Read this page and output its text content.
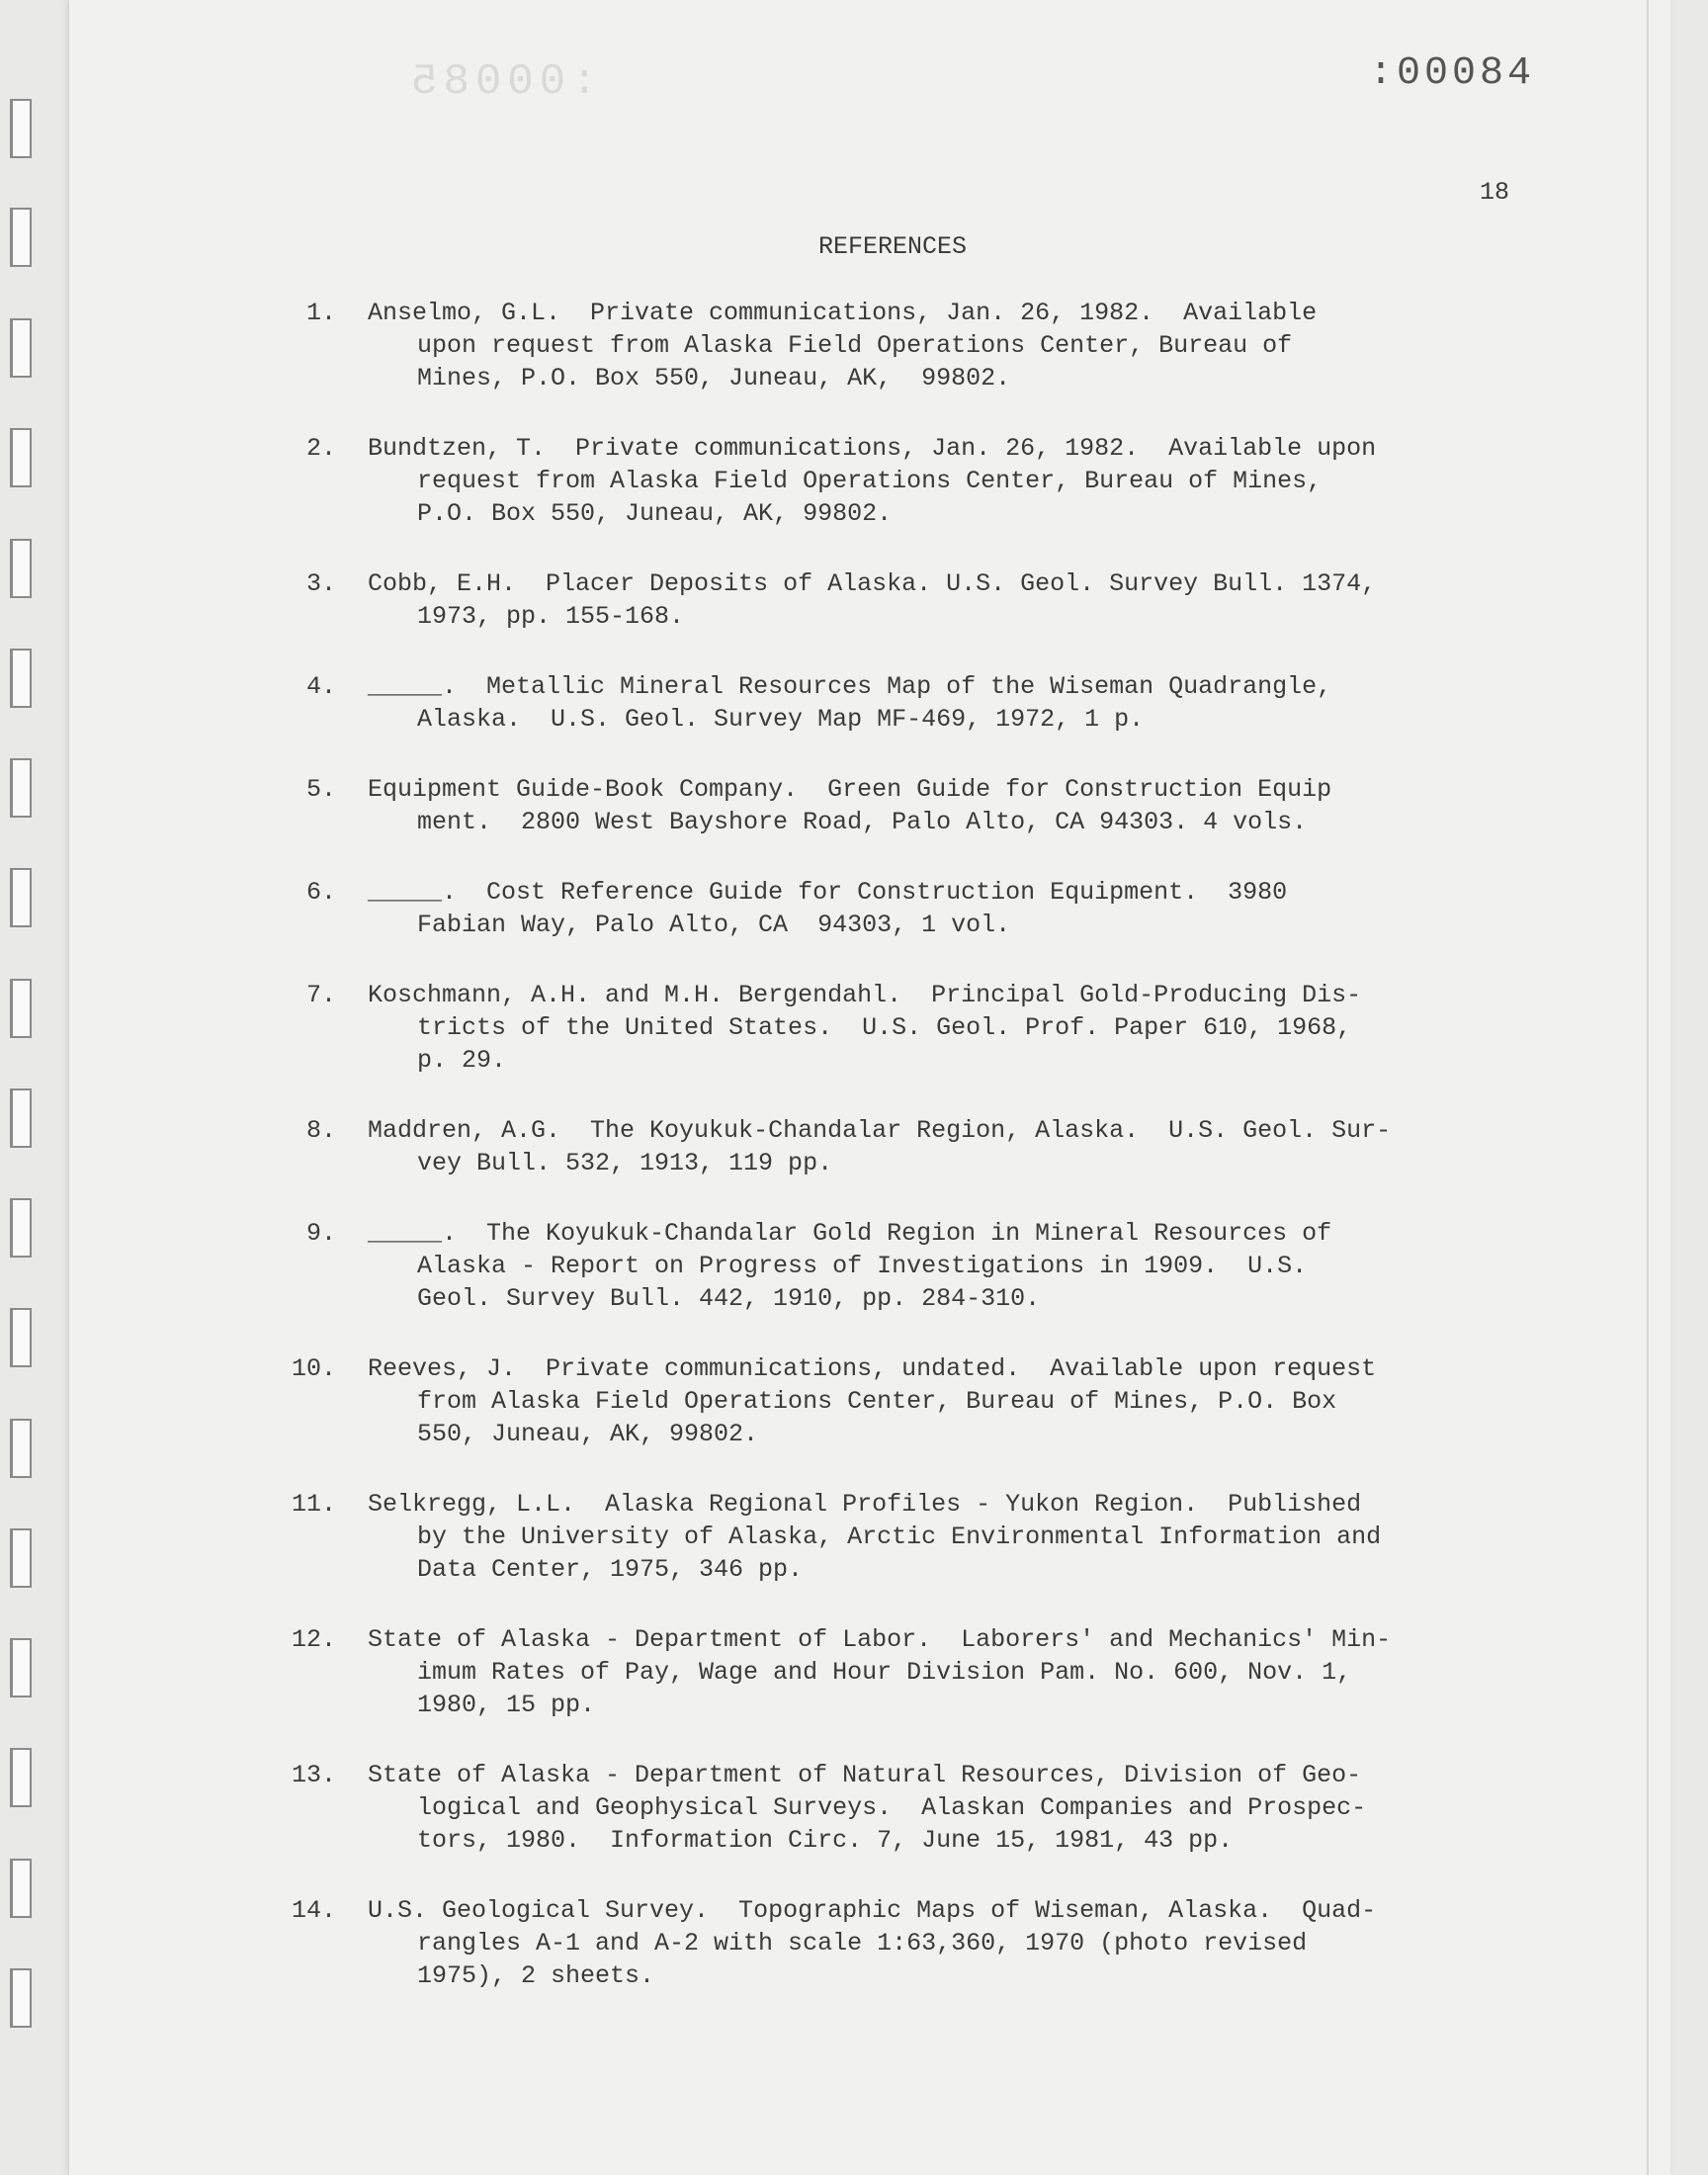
:00085	:00084
18
REFERENCES
1.	Anselmo, G.L.  Private communications, Jan. 26, 1982.  Available
upon request from Alaska Field Operations Center, Bureau of
Mines, P.O. Box 550, Juneau, AK,  99802.
2.	Bundtzen, T.  Private communications, Jan. 26, 1982.  Available upon
request from Alaska Field Operations Center, Bureau of Mines,
P.O. Box 550, Juneau, AK, 99802.
3.	Cobb, E.H.  Placer Deposits of Alaska. U.S. Geol. Survey Bull. 1374,
1973, pp. 155-168.
4.	_____.  Metallic Mineral Resources Map of the Wiseman Quadrangle,
Alaska.  U.S. Geol. Survey Map MF-469, 1972, 1 p.
5.	Equipment Guide-Book Company.  Green Guide for Construction Equip
ment.  2800 West Bayshore Road, Palo Alto, CA 94303. 4 vols.
6.	_____.  Cost Reference Guide for Construction Equipment.  3980
Fabian Way, Palo Alto, CA  94303, 1 vol.
7.	Koschmann, A.H. and M.H. Bergendahl.  Principal Gold-Producing Dis-
tricts of the United States.  U.S. Geol. Prof. Paper 610, 1968,
p. 29.
8.	Maddren, A.G.  The Koyukuk-Chandalar Region, Alaska.  U.S. Geol. Sur-
vey Bull. 532, 1913, 119 pp.
9.	_____.  The Koyukuk-Chandalar Gold Region in Mineral Resources of
Alaska - Report on Progress of Investigations in 1909.  U.S.
Geol. Survey Bull. 442, 1910, pp. 284-310.
10.	Reeves, J.  Private communications, undated.  Available upon request
from Alaska Field Operations Center, Bureau of Mines, P.O. Box
550, Juneau, AK, 99802.
11.	Selkregg, L.L.  Alaska Regional Profiles - Yukon Region.  Published
by the University of Alaska, Arctic Environmental Information and
Data Center, 1975, 346 pp.
12.	State of Alaska - Department of Labor.  Laborers' and Mechanics' Min-
imum Rates of Pay, Wage and Hour Division Pam. No. 600, Nov. 1,
1980, 15 pp.
13.	State of Alaska - Department of Natural Resources, Division of Geo-
logical and Geophysical Surveys.  Alaskan Companies and Prospec-
tors, 1980.  Information Circ. 7, June 15, 1981, 43 pp.
14.	U.S. Geological Survey.  Topographic Maps of Wiseman, Alaska.  Quad-
rangles A-1 and A-2 with scale 1:63,360, 1970 (photo revised
1975), 2 sheets.
